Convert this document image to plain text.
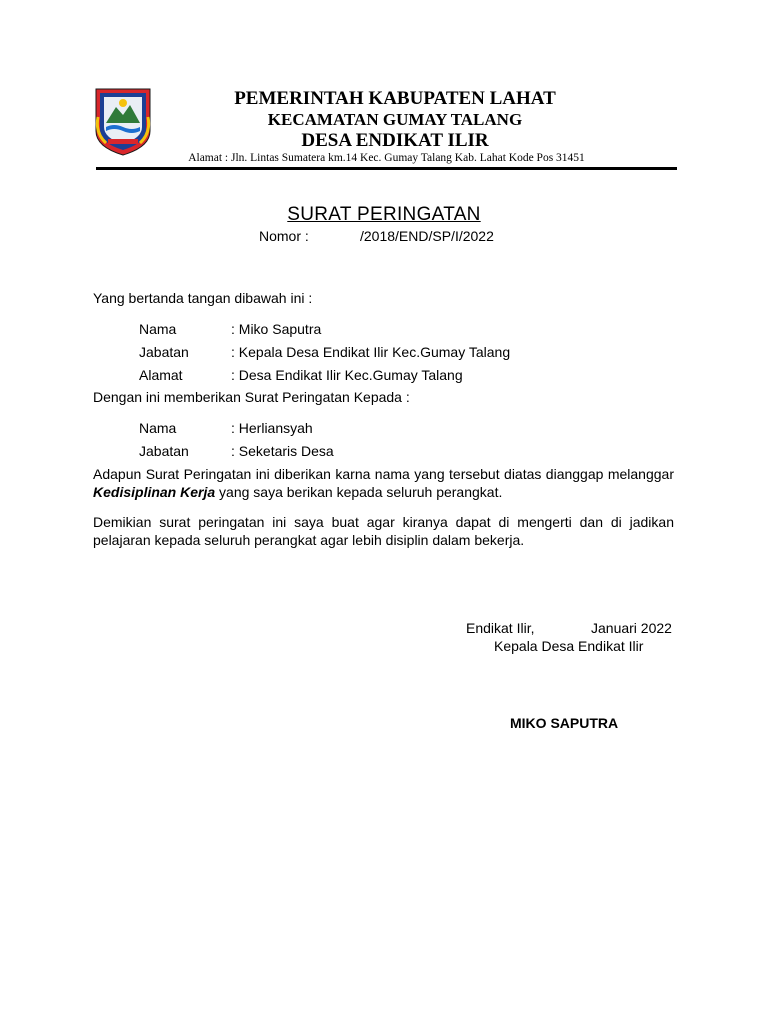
PEMERINTAH KABUPATEN LAHAT
KECAMATAN GUMAY TALANG
DESA ENDIKAT ILIR
Alamat : Jln. Lintas Sumatera km.14 Kec. Gumay Talang Kab. Lahat Kode Pos 31451
SURAT PERINGATAN
Nomor :	/2018/END/SP/I/2022
Yang bertanda tangan dibawah ini :
Nama	: Miko Saputra
Jabatan	: Kepala Desa Endikat Ilir Kec.Gumay Talang
Alamat	: Desa Endikat Ilir Kec.Gumay Talang
Dengan ini memberikan Surat Peringatan Kepada :
Nama	: Herliansyah
Jabatan	: Seketaris Desa
Adapun Surat Peringatan ini diberikan karna nama yang tersebut diatas dianggap melanggar Kedisiplinan Kerja yang saya berikan kepada seluruh perangkat.
Demikian surat peringatan ini saya buat agar kiranya dapat di mengerti dan di jadikan pelajaran kepada seluruh perangkat agar lebih disiplin dalam bekerja.
Endikat Ilir,	Januari 2022
Kepala Desa Endikat Ilir
MIKO SAPUTRA
